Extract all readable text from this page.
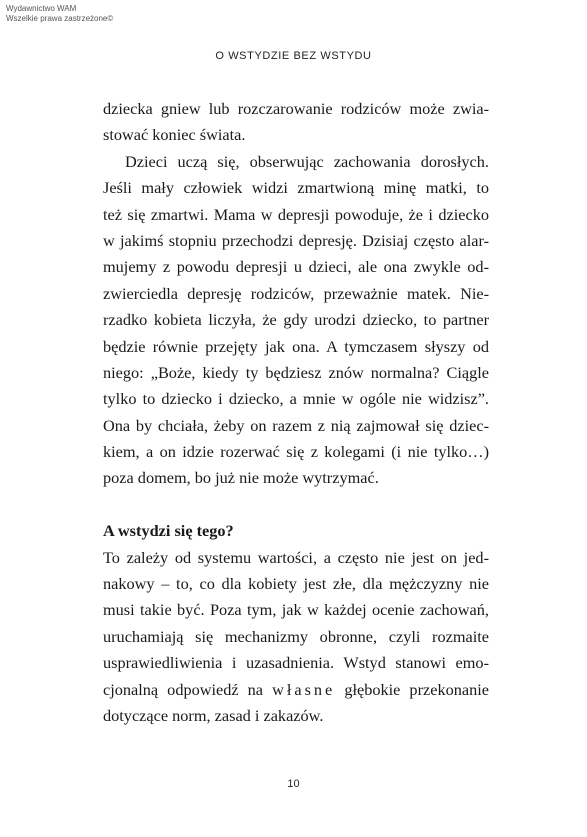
Wydawnictwo WAM
Wszelkie prawa zastrzeżone©
O WSTYDZIE BEZ WSTYDU
dziecka gniew lub rozczarowanie rodziców może zwia-
stować koniec świata.
Dzieci uczą się, obserwując zachowania dorosłych.
Jeśli mały człowiek widzi zmartwioną minę matki, to
też się zmartwi. Mama w depresji powoduje, że i dziecko
w jakimś stopniu przechodzi depresję. Dzisiaj często alar-
mujemy z powodu depresji u dzieci, ale ona zwykle od-
zwierciedla depresję rodziców, przeważnie matek. Nie-
rzadko kobieta liczyła, że gdy urodzi dziecko, to partner
będzie równie przejęty jak ona. A tymczasem słyszy od
niego: „Boże, kiedy ty będziesz znów normalna? Ciągle
tylko to dziecko i dziecko, a mnie w ogóle nie widzisz”.
Ona by chciała, żeby on razem z nią zajmował się dziec-
kiem, a on idzie rozerwać się z kolegami (i nie tylko…)
poza domem, bo już nie może wytrzymać.
A wstydzi się tego?
To zależy od systemu wartości, a często nie jest on jed-
nakowy – to, co dla kobiety jest złe, dla mężczyzny nie
musi takie być. Poza tym, jak w każdej ocenie zachowań,
uruchamiają się mechanizmy obronne, czyli rozmaite
usprawiedliwienia i uzasadnienia. Wstyd stanowi emo-
cjonalną odpowiedź na własne głębokie przekonanie
dotyczące norm, zasad i zakazów.
10
